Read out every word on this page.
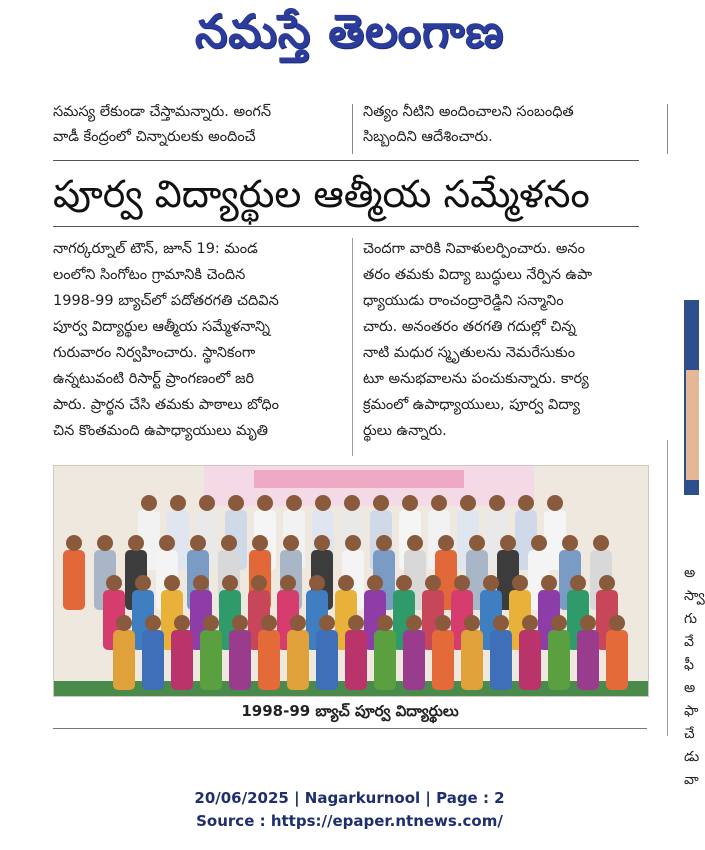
నమస్తే తెలంగాణ
సమస్య లేకుండా చేస్తామన్నారు. అంగన్
వాడీ కేంద్రంలో చిన్నారులకు అందించే
నిత్యం నీటిని అందించాలని సంబంధిత
సిబ్బందిని ఆదేశించారు.
పూర్వ విద్యార్థుల ఆత్మీయ సమ్మేళనం
నాగర్కర్నూల్ టౌన్, జూన్ 19: మండ
లంలోని సింగోటం గ్రామానికి చెందిన
1998-99 బ్యాచ్‌లో పదోతరగతి చదివిన
పూర్వ విద్యార్థుల ఆత్మీయ సమ్మేళనాన్ని
గురువారం నిర్వహించారు. స్థానికంగా
ఉన్నటువంటి రిసార్ట్ ప్రాంగణంలో జరి
పారు. ప్రార్థన చేసి తమకు పాఠాలు బోధిం
చిన కొంతమంది ఉపాధ్యాయులు మృతి
చెందగా వారికి నివాళులర్పించారు. అనం
తరం తమకు విద్యా బుద్ధులు నేర్పిన ఉపా
ధ్యాయుడు రాంచంద్రారెడ్డిని సన్మానిం
చారు. అనంతరం తరగతి గదుల్లో చిన్న
నాటి మధుర స్మృతులను నెమరేసుకుం
టూ అనుభవాలను పంచుకున్నారు. కార్య
క్రమంలో ఉపాధ్యాయులు, పూర్వ విద్యా
ర్థులు ఉన్నారు.
1998-99 బ్యాచ్ పూర్వ విద్యార్థులు
అ
స్వా
గు
వే
ఫీ
అ
ఫా
చే
డు
వా
20/06/2025 | Nagarkurnool | Page : 2
Source : https://epaper.ntnews.com/
